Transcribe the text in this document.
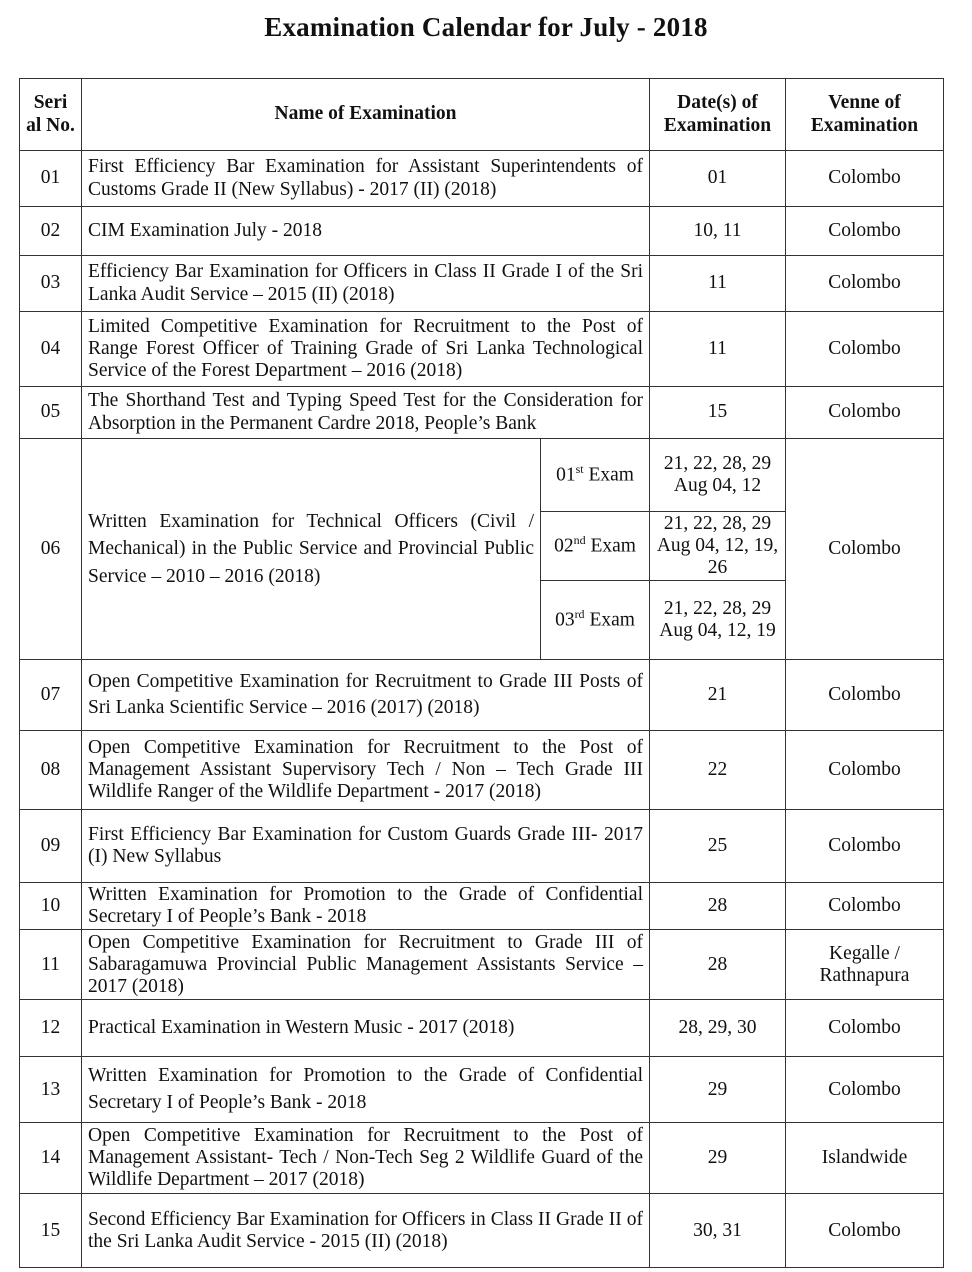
Examination Calendar for July - 2018
Seri al No.	Name of Examination		Date(s) of Examination	Venne of Examination
01	First Efficiency Bar Examination for Assistant Superintendents of Customs Grade II (New Syllabus) - 2017 (II) (2018)		01	Colombo
02	CIM Examination July - 2018		10, 11	Colombo
03	Efficiency Bar Examination for Officers in Class II Grade I of the Sri Lanka Audit Service – 2015 (II) (2018)		11	Colombo
04	Limited Competitive Examination for Recruitment to the Post of Range Forest Officer of Training Grade of Sri Lanka Technological Service of the Forest Department – 2016 (2018)		11	Colombo
05	The Shorthand Test and Typing Speed Test for the Consideration for Absorption in the Permanent Cardre 2018, People’s Bank		15	Colombo
06	Written Examination for Technical Officers (Civil / Mechanical) in the Public Service and Provincial Public Service – 2010 – 2016 (2018)	01st Exam	21, 22, 28, 29 Aug 04, 12	Colombo
		02nd Exam	21, 22, 28, 29 Aug 04, 12, 19, 26	
		03rd Exam	21, 22, 28, 29 Aug 04, 12, 19	
07	Open Competitive Examination for Recruitment to Grade III Posts of Sri Lanka Scientific Service – 2016 (2017) (2018)		21	Colombo
08	Open Competitive Examination for Recruitment to the Post of Management Assistant Supervisory Tech / Non – Tech Grade III Wildlife Ranger of the Wildlife Department - 2017 (2018)		22	Colombo
09	First Efficiency Bar Examination for Custom Guards Grade III- 2017 (I) New Syllabus		25	Colombo
10	Written Examination for Promotion to the Grade of Confidential Secretary I of People’s Bank - 2018		28	Colombo
11	Open Competitive Examination for Recruitment to Grade III of Sabaragamuwa Provincial Public Management Assistants Service – 2017 (2018)		28	Kegalle / Rathnapura
12	Practical Examination in Western Music - 2017 (2018)		28, 29, 30	Colombo
13	Written Examination for Promotion to the Grade of Confidential Secretary I of People’s Bank - 2018		29	Colombo
14	Open Competitive Examination for Recruitment to the Post of Management Assistant- Tech / Non-Tech Seg 2 Wildlife Guard of the Wildlife Department – 2017 (2018)		29	Islandwide
15	Second Efficiency Bar Examination for Officers in Class II Grade II of the Sri Lanka Audit Service - 2015 (II) (2018)		30, 31	Colombo
